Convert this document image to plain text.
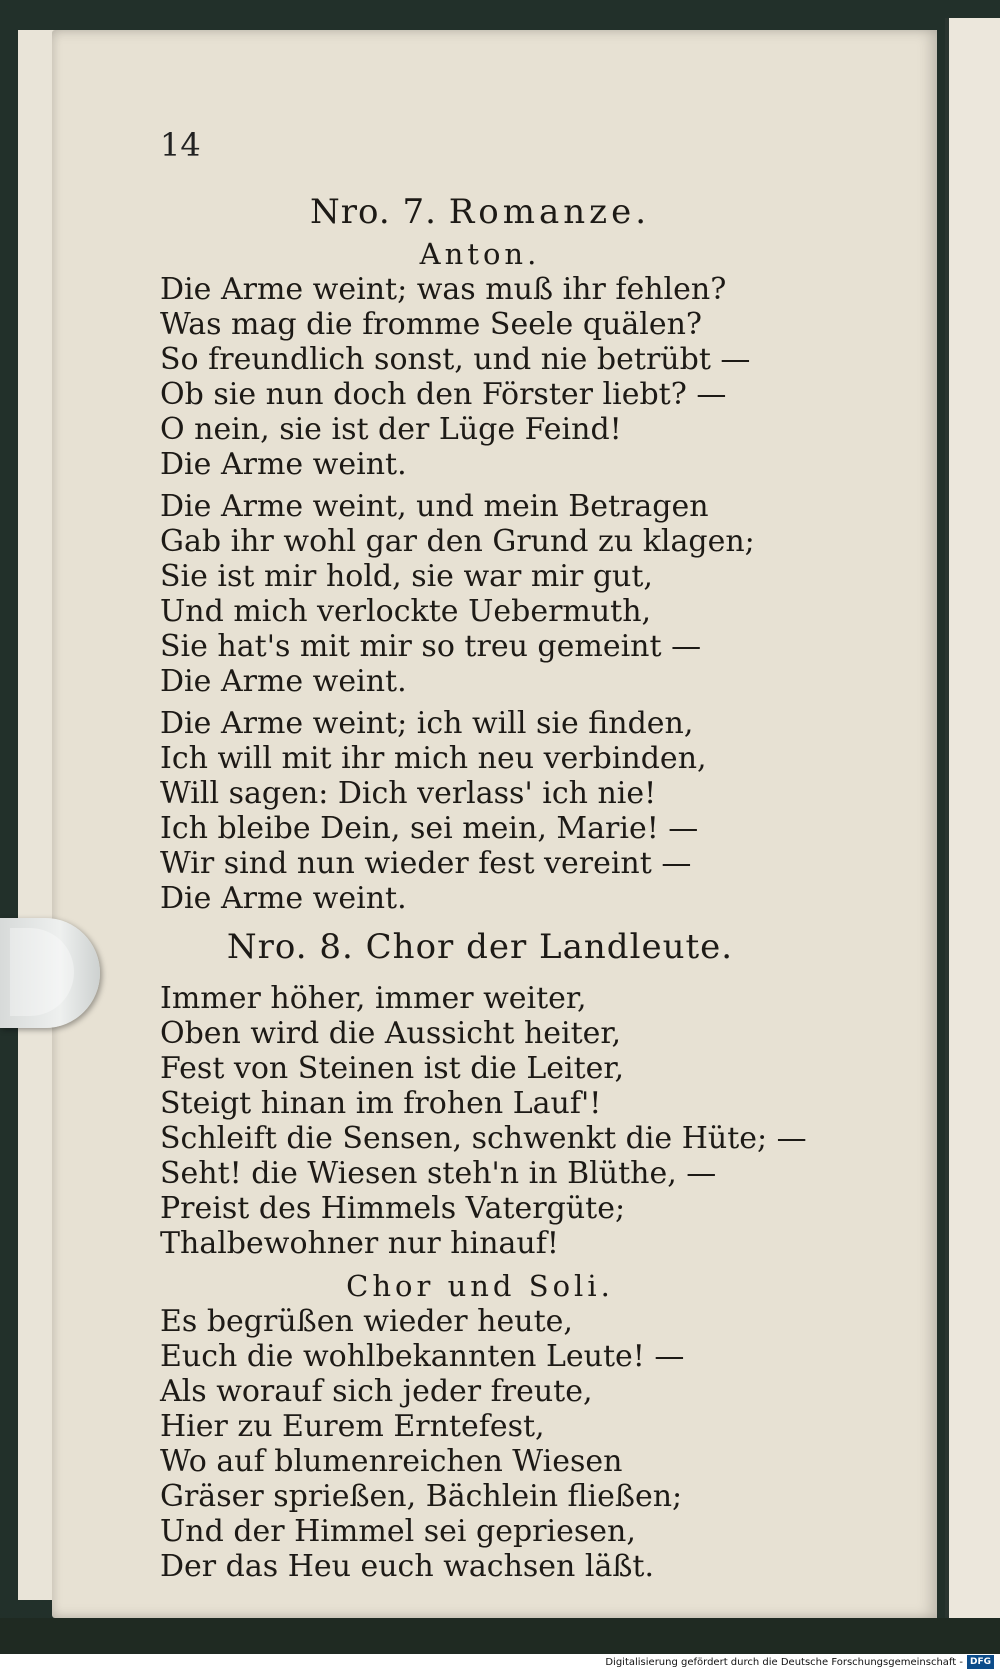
14
Nro. 7. Romanze.
Anton.
Die Arme weint; was muß ihr fehlen?
Was mag die fromme Seele quälen?
So freundlich sonst, und nie betrübt —
Ob sie nun doch den Förster liebt? —
O nein, sie ist der Lüge Feind!
Die Arme weint.
Die Arme weint, und mein Betragen
Gab ihr wohl gar den Grund zu klagen;
Sie ist mir hold, sie war mir gut,
Und mich verlockte Uebermuth,
Sie hat's mit mir so treu gemeint —
Die Arme weint.
Die Arme weint; ich will sie finden,
Ich will mit ihr mich neu verbinden,
Will sagen: Dich verlass' ich nie!
Ich bleibe Dein, sei mein, Marie! —
Wir sind nun wieder fest vereint —
Die Arme weint.
Nro. 8. Chor der Landleute.
Immer höher, immer weiter,
Oben wird die Aussicht heiter,
Fest von Steinen ist die Leiter,
Steigt hinan im frohen Lauf'!
Schleift die Sensen, schwenkt die Hüte; —
Seht! die Wiesen steh'n in Blüthe, —
Preist des Himmels Vatergüte;
Thalbewohner nur hinauf!
Chor und Soli.
Es begrüßen wieder heute,
Euch die wohlbekannten Leute! —
Als worauf sich jeder freute,
Hier zu Eurem Erntefest,
Wo auf blumenreichen Wiesen
Gräser sprießen, Bächlein fließen;
Und der Himmel sei gepriesen,
Der das Heu euch wachsen läßt.
Digitalisierung gefördert durch die Deutsche Forschungsgemeinschaft - DFG
